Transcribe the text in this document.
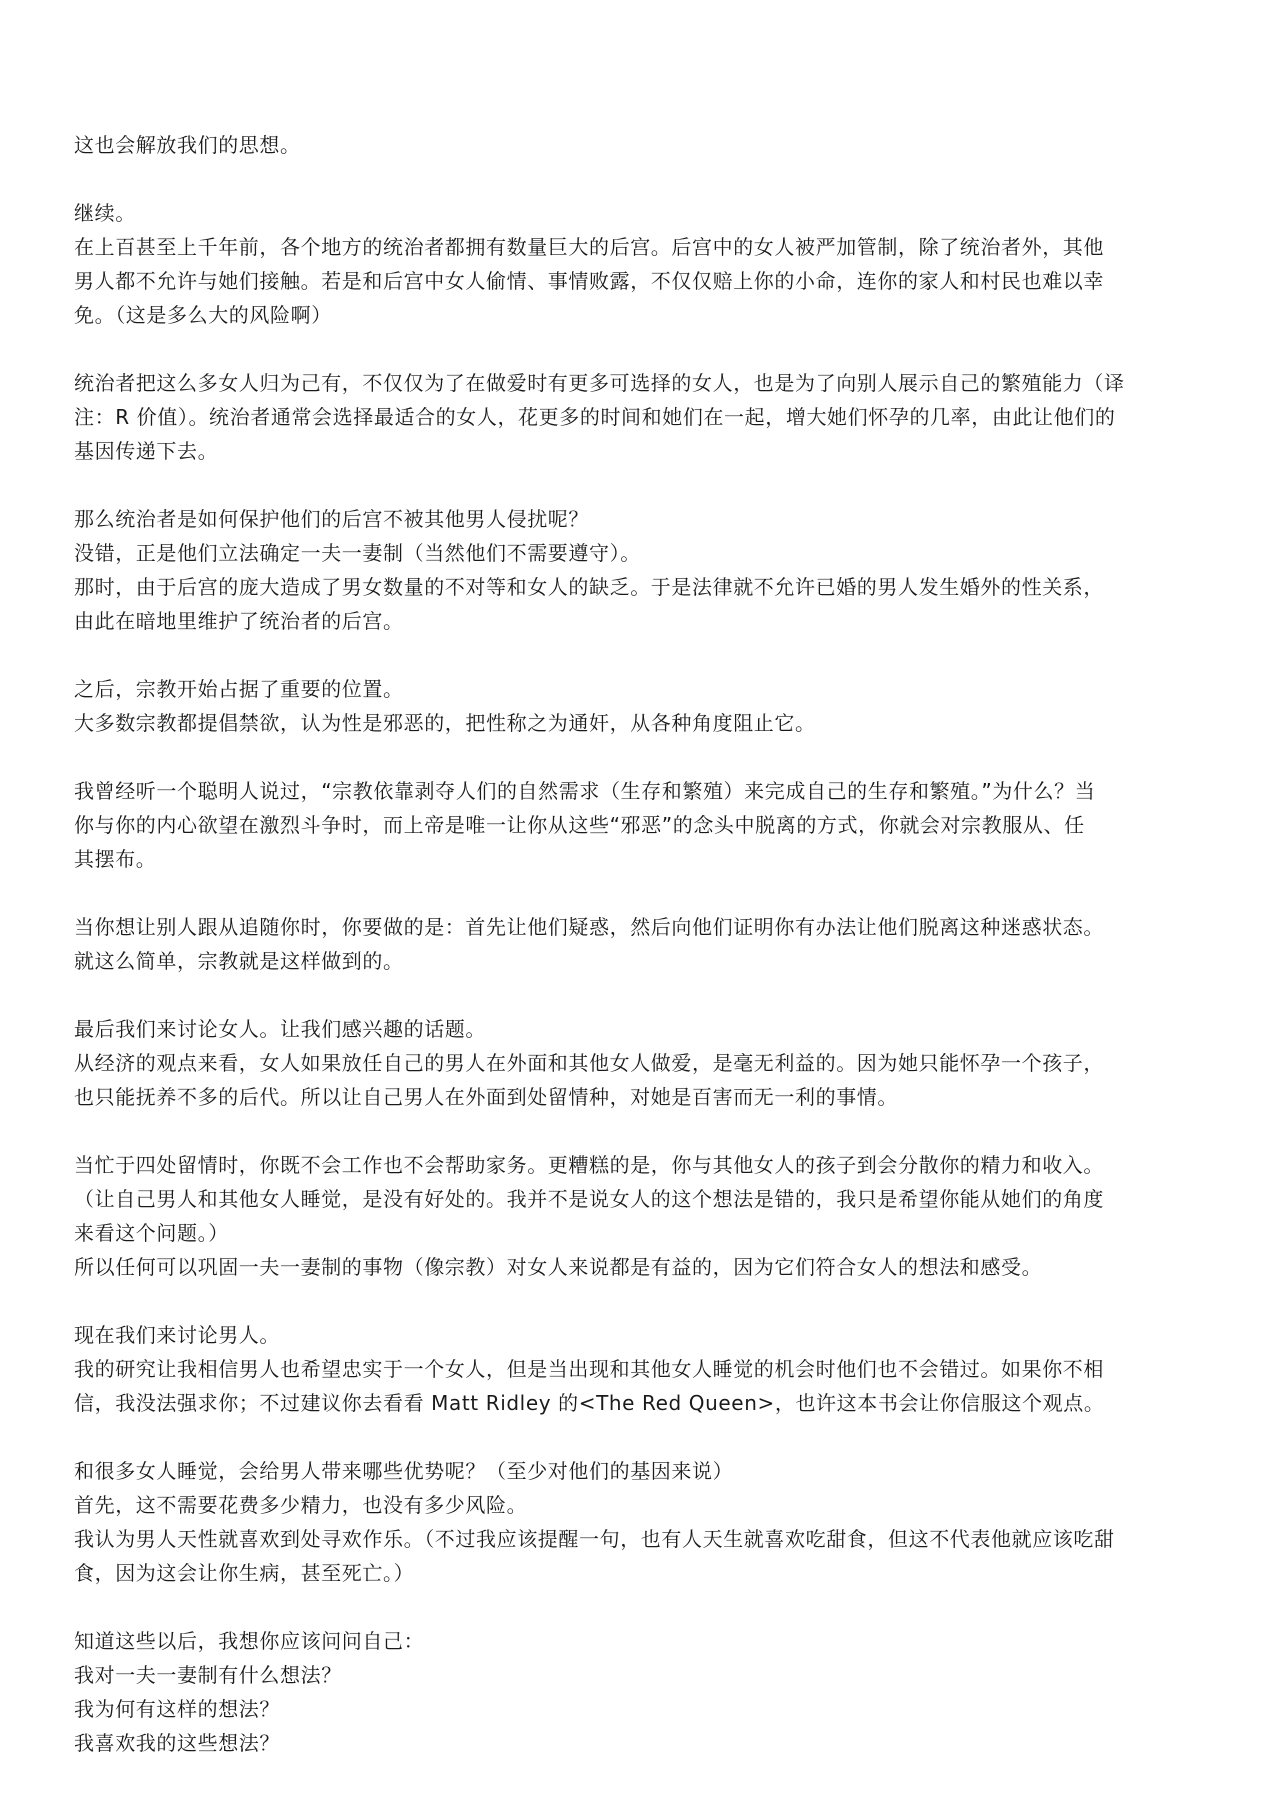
这也会解放我们的思想。
继续。
在上百甚至上千年前，各个地方的统治者都拥有数量巨大的后宫。后宫中的女人被严加管制，除了统治者外，其他
男人都不允许与她们接触。若是和后宫中女人偷情、事情败露，不仅仅赔上你的小命，连你的家人和村民也难以幸
免。（这是多么大的风险啊）
统治者把这么多女人归为己有，不仅仅为了在做爱时有更多可选择的女人，也是为了向别人展示自己的繁殖能力（译
注：R 价值）。统治者通常会选择最适合的女人，花更多的时间和她们在一起，增大她们怀孕的几率，由此让他们的
基因传递下去。
那么统治者是如何保护他们的后宫不被其他男人侵扰呢？
没错，正是他们立法确定一夫一妻制（当然他们不需要遵守）。
那时，由于后宫的庞大造成了男女数量的不对等和女人的缺乏。于是法律就不允许已婚的男人发生婚外的性关系，
由此在暗地里维护了统治者的后宫。
之后，宗教开始占据了重要的位置。
大多数宗教都提倡禁欲，认为性是邪恶的，把性称之为通奸，从各种角度阻止它。
我曾经听一个聪明人说过，“宗教依靠剥夺人们的自然需求（生存和繁殖）来完成自己的生存和繁殖。”为什么？当
你与你的内心欲望在激烈斗争时，而上帝是唯一让你从这些“邪恶”的念头中脱离的方式，你就会对宗教服从、任
其摆布。
当你想让别人跟从追随你时，你要做的是：首先让他们疑惑，然后向他们证明你有办法让他们脱离这种迷惑状态。
就这么简单，宗教就是这样做到的。
最后我们来讨论女人。让我们感兴趣的话题。
从经济的观点来看，女人如果放任自己的男人在外面和其他女人做爱，是毫无利益的。因为她只能怀孕一个孩子，
也只能抚养不多的后代。所以让自己男人在外面到处留情种，对她是百害而无一利的事情。
当忙于四处留情时，你既不会工作也不会帮助家务。更糟糕的是，你与其他女人的孩子到会分散你的精力和收入。
（让自己男人和其他女人睡觉，是没有好处的。我并不是说女人的这个想法是错的，我只是希望你能从她们的角度
来看这个问题。）
所以任何可以巩固一夫一妻制的事物（像宗教）对女人来说都是有益的，因为它们符合女人的想法和感受。
现在我们来讨论男人。
我的研究让我相信男人也希望忠实于一个女人，但是当出现和其他女人睡觉的机会时他们也不会错过。如果你不相
信，我没法强求你；不过建议你去看看 Matt Ridley 的<The Red Queen>，也许这本书会让你信服这个观点。
和很多女人睡觉，会给男人带来哪些优势呢？（至少对他们的基因来说）
首先，这不需要花费多少精力，也没有多少风险。
我认为男人天性就喜欢到处寻欢作乐。（不过我应该提醒一句，也有人天生就喜欢吃甜食，但这不代表他就应该吃甜
食，因为这会让你生病，甚至死亡。）
知道这些以后，我想你应该问问自己：
我对一夫一妻制有什么想法？
我为何有这样的想法？
我喜欢我的这些想法？
